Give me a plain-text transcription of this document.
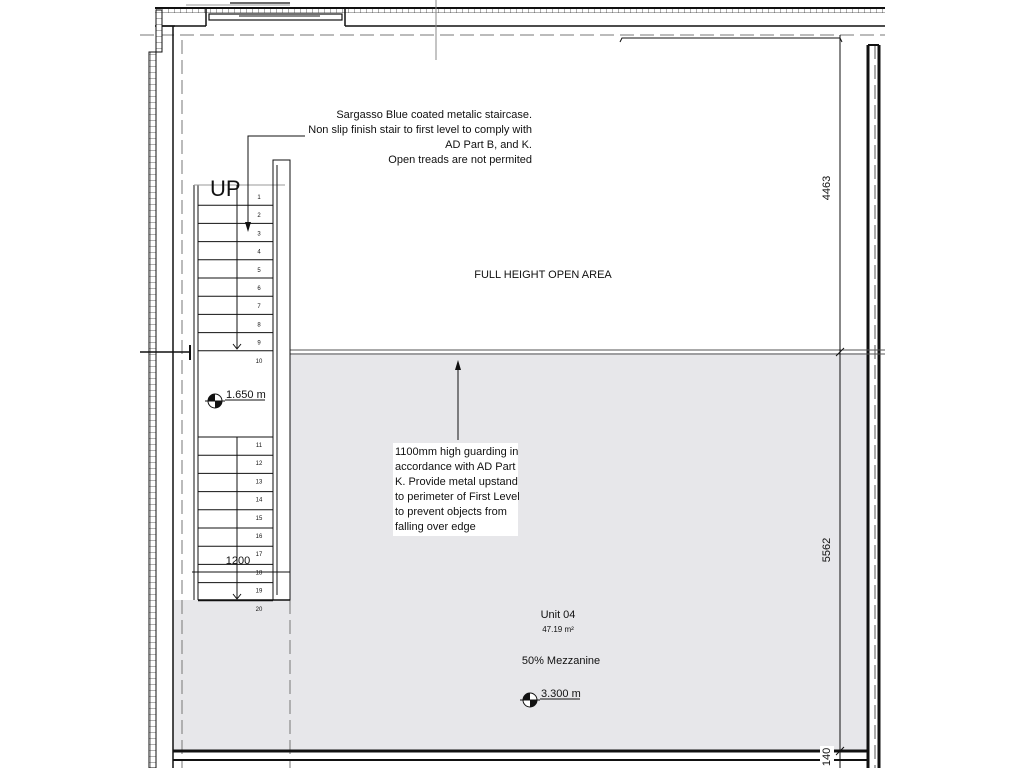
1
2
3
4
5
6
7
8
9
10
11
12
13
14
15
16
17
18
19
20
1200
UP
Sargasso Blue coated metalic staircase.
Non slip finish stair to first level to comply with
AD Part B, and K.
Open treads are not permited
FULL HEIGHT OPEN AREA
1100mm high guarding in
accordance with AD Part
K. Provide metal upstand
to perimeter of First Level
to prevent objects from
falling over edge
1.650 m
3.300 m
Unit 04
47.19 m²
50% Mezzanine
4463
5562
140
